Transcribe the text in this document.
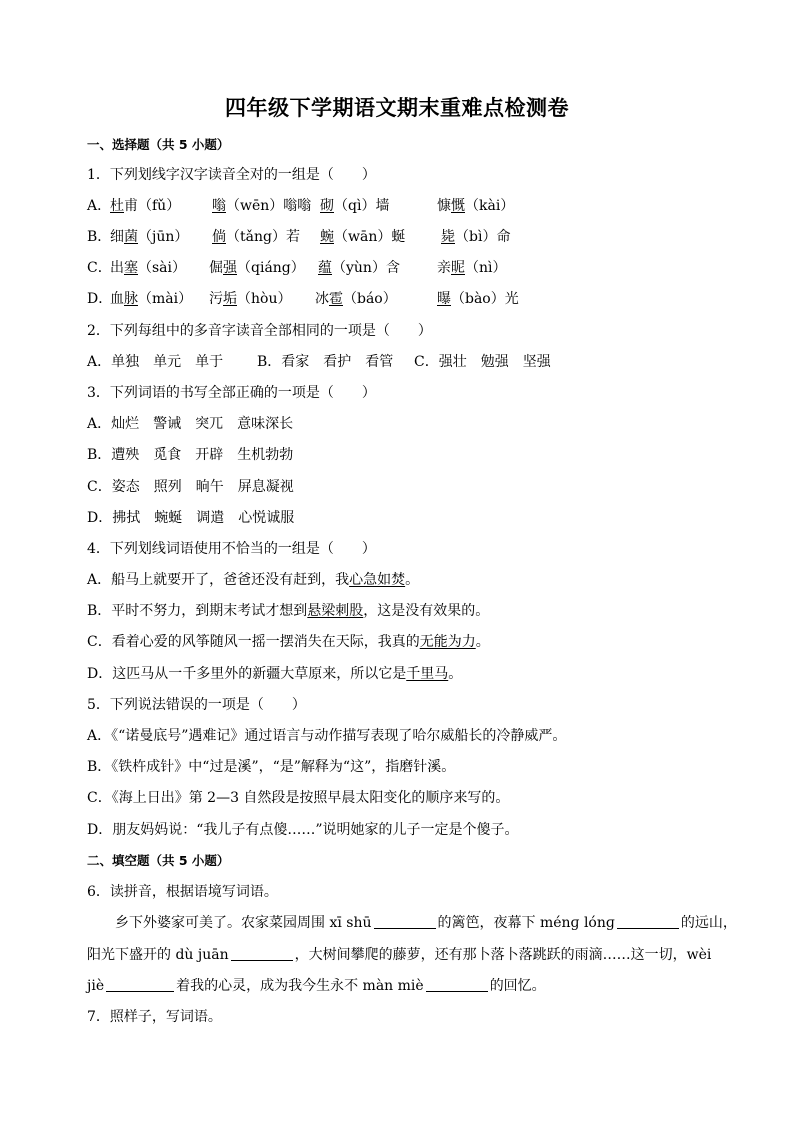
四年级下学期语文期末重难点检测卷
一、选择题（共 5 小题）
1．下列划线字汉字读音全对的一组是（　　）
A．
杜甫（fǔ） 嗡（wēn）嗡嗡 砌（qì）墙	慷慨（kài）
B．
细菌（jūn） 倘（tǎng）若 蜿（wān）蜒	毙（bì）命
C．
出塞（sài） 倔强（qiáng） 蕴（yùn）含	亲昵（nì）
D．
血脉（mài） 污垢（hòu） 冰雹（báo）	曝（bào）光
2．下列每组中的多音字读音全部相同的一项是（　　）
A．单独　单元　单于 B．看家　看护　看管 C．强壮　勉强　坚强
3．下列词语的书写全部正确的一项是（　　）
A．灿烂　警诫　突兀　意味深长
B．遭殃　觅食　开辟　生机勃勃
C．姿态　照列　晌午　屏息凝视
D．拂拭　蜿蜒　调遣　心悦诚服
4．下列划线词语使用不恰当的一组是（　　）
A．船马上就要开了，爸爸还没有赶到，我心急如焚。
B．平时不努力，到期末考试才想到悬梁刺股，这是没有效果的。
C．看着心爱的风筝随风一摇一摆消失在天际，我真的无能为力。
D．这匹马从一千多里外的新疆大草原来，所以它是千里马。
5．下列说法错误的一项是（　　）
A．《“诺曼底号”遇难记》通过语言与动作描写表现了哈尔威船长的冷静威严。
B．《铁杵成针》中“过是溪”，“是”解释为“这”，指磨针溪。
C．《海上日出》第 2—3 自然段是按照早晨太阳变化的顺序来写的。
D．朋友妈妈说：“我儿子有点傻……”说明她家的儿子一定是个傻子。
二、填空题（共 5 小题）
6．读拼音，根据语境写词语。
乡下外婆家可美了。农家菜园周围 xī shū	的篱笆，夜幕下 ménɡ lónɡ	的远山，
阳光下盛开的 dù juān	，大树间攀爬的藤萝，还有那卜落卜落跳跃的雨滴……这一切，wèi
jiè	着我的心灵，成为我今生永不 màn miè	的回忆。
7．照样子，写词语。
